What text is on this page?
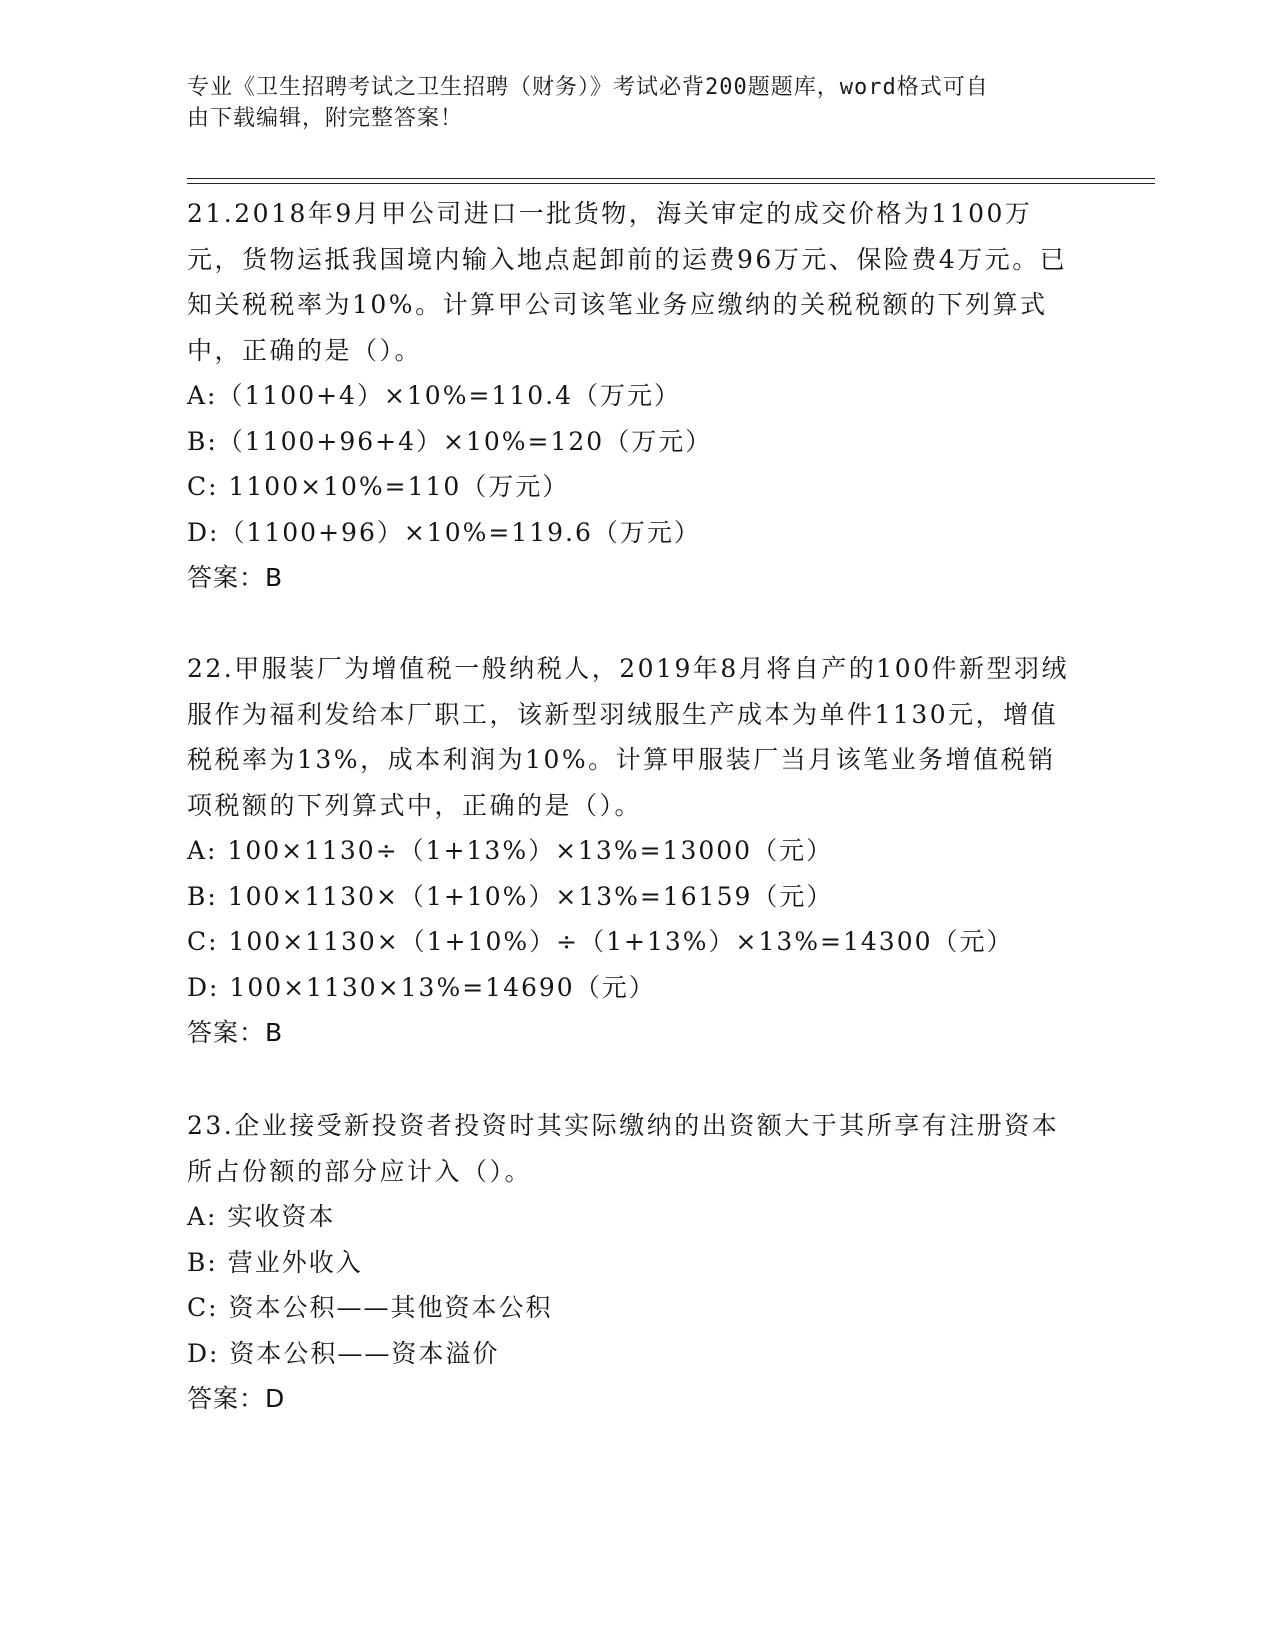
专业《卫生招聘考试之卫生招聘（财务）》考试必背200题题库，word格式可自
由下载编辑，附完整答案！

21.2018年9月甲公司进口一批货物，海关审定的成交价格为1100万元，货物运抵我国境内输入地点起卸前的运费96万元、保险费4万元。已知关税税率为10%。计算甲公司该笔业务应缴纳的关税税额的下列算式中，正确的是（）。

A:（1100+4）×10%=110.4（万元）
B:（1100+96+4）×10%=120（万元）
C: 1100×10%=110（万元）
D:（1100+96）×10%=119.6（万元）
答案：B

22.甲服装厂为增值税一般纳税人，2019年8月将自产的100件新型羽绒服作为福利发给本厂职工，该新型羽绒服生产成本为单件1130元，增值税税率为13%，成本利润为10%。计算甲服装厂当月该笔业务增值税销项税额的下列算式中，正确的是（）。

A: 100×1130÷（1+13%）×13%=13000（元）
B: 100×1130×（1+10%）×13%=16159（元）
C: 100×1130×（1+10%）÷（1+13%）×13%=14300（元）
D: 100×1130×13%=14690（元）
答案：B

23.企业接受新投资者投资时其实际缴纳的出资额大于其所享有注册资本所占份额的部分应计入（）。

A: 实收资本
B: 营业外收入
C: 资本公积——其他资本公积
D: 资本公积——资本溢价
答案：D
